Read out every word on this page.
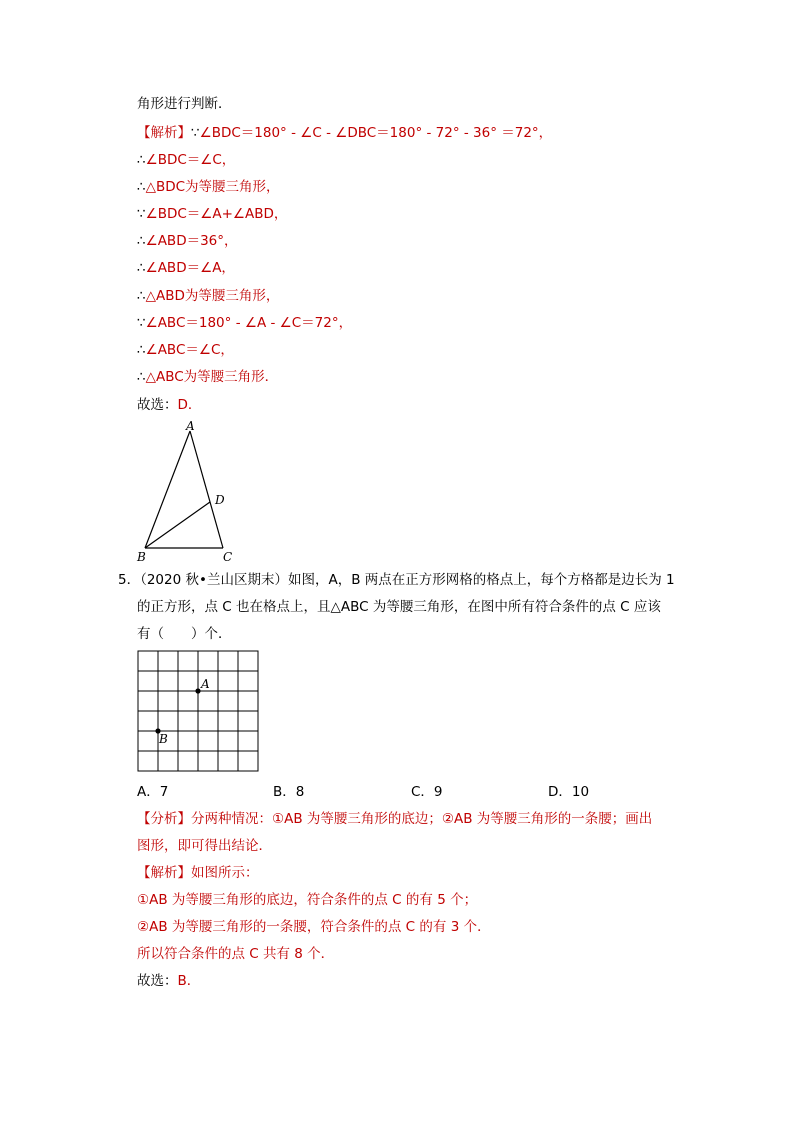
角形进行判断．
【解析】∵∠BDC＝180° - ∠C - ∠DBC＝180° - 72° - 36° ＝72°，
∴∠BDC＝∠C，
∴△BDC为等腰三角形，
∵∠BDC＝∠A+∠ABD，
∴∠ABD＝36°，
∴∠ABD＝∠A，
∴△ABD为等腰三角形，
∵∠ABC＝180° - ∠A - ∠C＝72°，
∴∠ABC＝∠C，
∴△ABC为等腰三角形．
故选：D．
A
B	C
D
5．（2020 秋•兰山区期末）如图，A，B 两点在正方形网格的格点上，每个方格都是边长为 1
的正方形，点 C 也在格点上，且△ABC 为等腰三角形，在图中所有符合条件的点 C 应该
有（　　）个．
A
B
A．7	B．8	C．9	D．10
【分析】分两种情况：①AB 为等腰三角形的底边；②AB 为等腰三角形的一条腰；画出
图形，即可得出结论．
【解析】如图所示：
①AB 为等腰三角形的底边，符合条件的点 C 的有 5 个；
②AB 为等腰三角形的一条腰，符合条件的点 C 的有 3 个．
所以符合条件的点 C 共有 8 个．
故选：B．
